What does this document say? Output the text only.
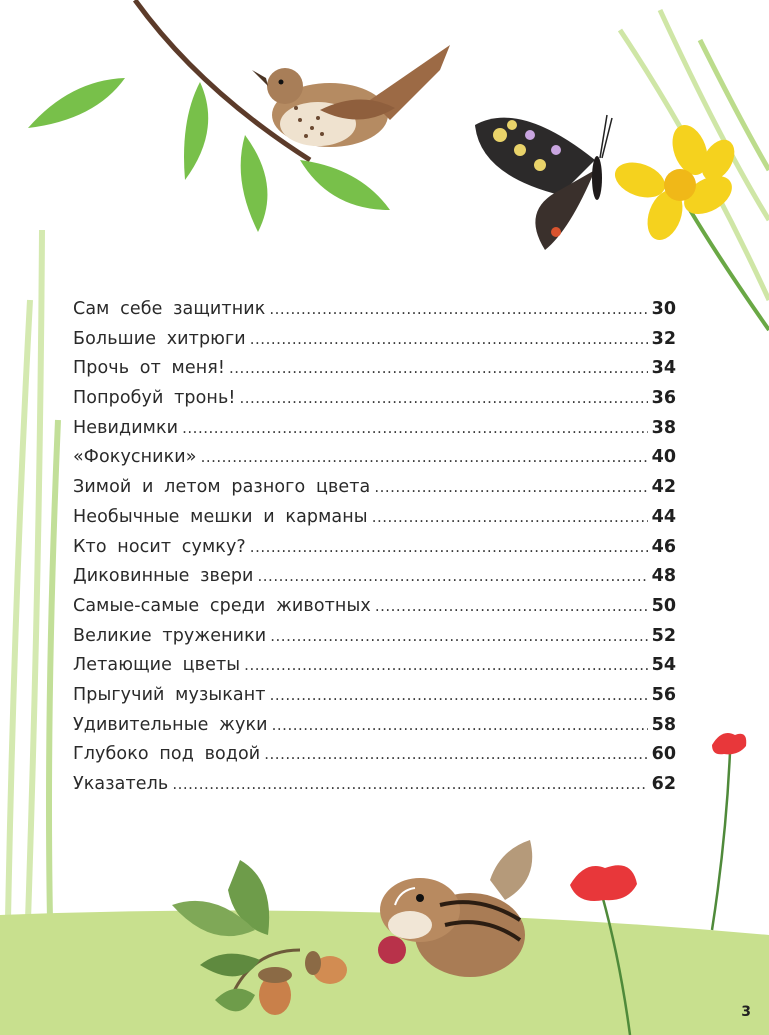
Сам себе защитник .....	30
Большие хитрюги .....	32
Прочь от меня! .....	34
Попробуй тронь! .....	36
Невидимки .....	38
«Фокусники» .....	40
Зимой и летом разного цвета .....	42
Необычные мешки и карманы .....	44
Кто носит сумку? .....	46
Диковинные звери .....	48
Самые-самые среди животных .....	50
Великие труженики .....	52
Летающие цветы .....	54
Прыгучий музыкант .....	56
Удивительные жуки .....	58
Глубоко под водой .....	60
Указатель .....	62
3
